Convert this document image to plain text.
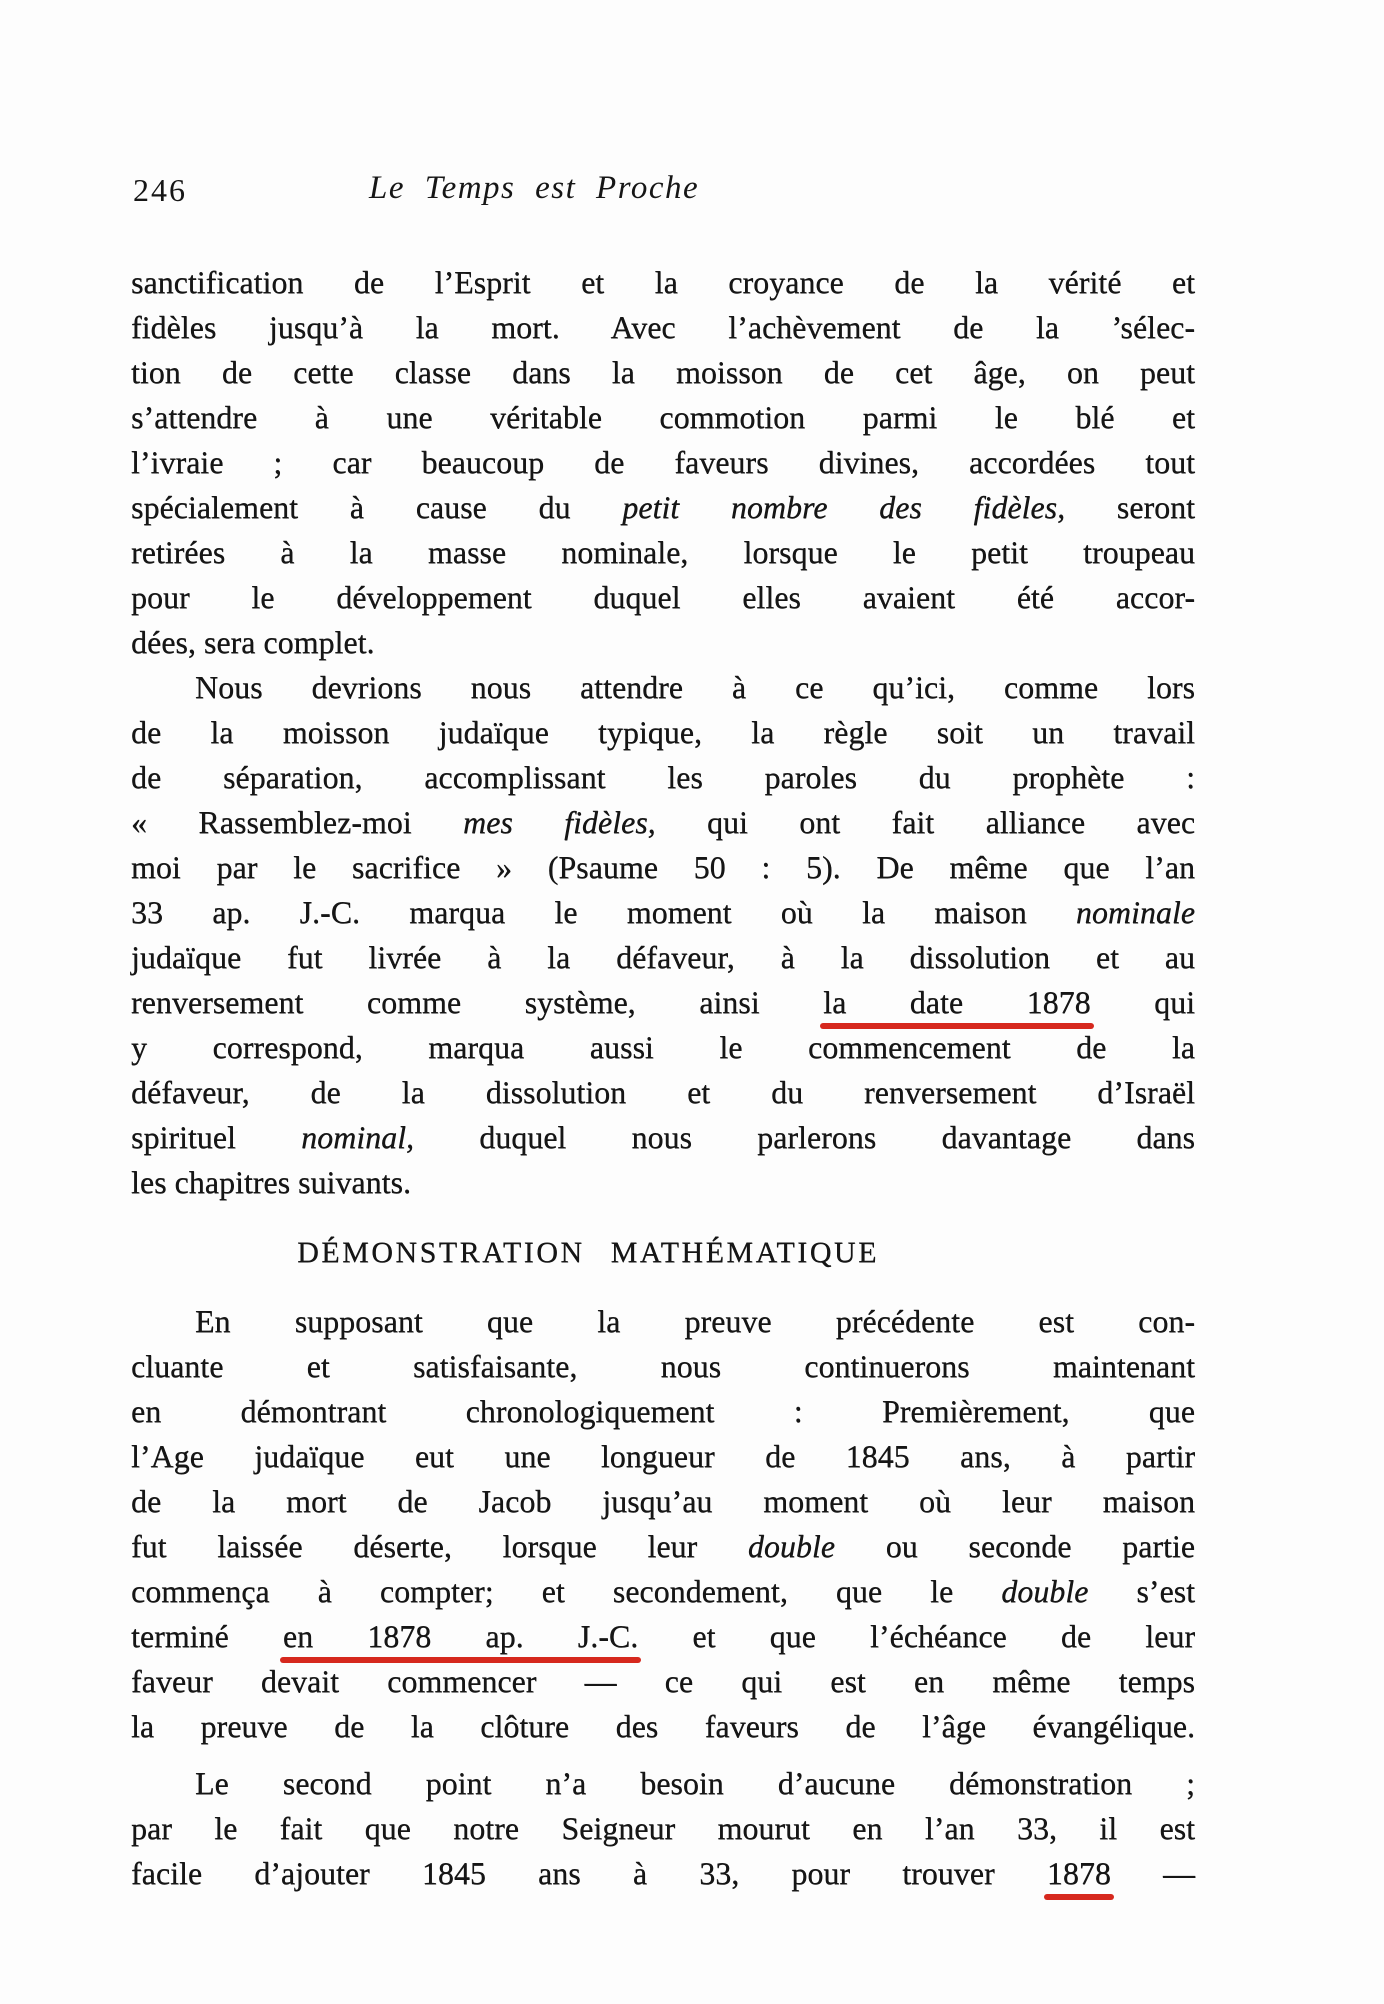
246	Le Temps est Proche
sanctification de l’Esprit et la croyance de la vérité et
fidèles jusqu’à la mort. Avec l’achèvement de la ’sélec-
tion de cette classe dans la moisson de cet âge, on peut
s’attendre à une véritable commotion parmi le blé et
l’ivraie ; car beaucoup de faveurs divines, accordées tout
spécialement à cause du petit nombre des fidèles, seront
retirées à la masse nominale, lorsque le petit troupeau
pour le développement duquel elles avaient été accor-
dées, sera complet.
Nous devrions nous attendre à ce qu’ici, comme lors
de la moisson judaïque typique, la règle soit un travail
de séparation, accomplissant les paroles du prophète :
« Rassemblez-moi mes fidèles, qui ont fait alliance avec
moi par le sacrifice » (Psaume 50 : 5). De même que l’an
33 ap. J.-C. marqua le moment où la maison nominale
judaïque fut livrée à la défaveur, à la dissolution et au
renversement comme système, ainsi la date 1878 qui
y correspond, marqua aussi le commencement de la
défaveur, de la dissolution et du renversement d’Israël
spirituel nominal, duquel nous parlerons davantage dans
les chapitres suivants.
DÉMONSTRATION MATHÉMATIQUE
En supposant que la preuve précédente est con-
cluante et satisfaisante, nous continuerons maintenant
en démontrant chronologiquement : Premièrement, que
l’Age judaïque eut une longueur de 1845 ans, à partir
de la mort de Jacob jusqu’au moment où leur maison
fut laissée déserte, lorsque leur double ou seconde partie
commença à compter; et secondement, que le double s’est
terminé en 1878 ap. J.-C. et que l’échéance de leur
faveur devait commencer — ce qui est en même temps
la preuve de la clôture des faveurs de l’âge évangélique.
Le second point n’a besoin d’aucune démonstration ;
par le fait que notre Seigneur mourut en l’an 33, il est
facile d’ajouter 1845 ans à 33, pour trouver 1878 —
